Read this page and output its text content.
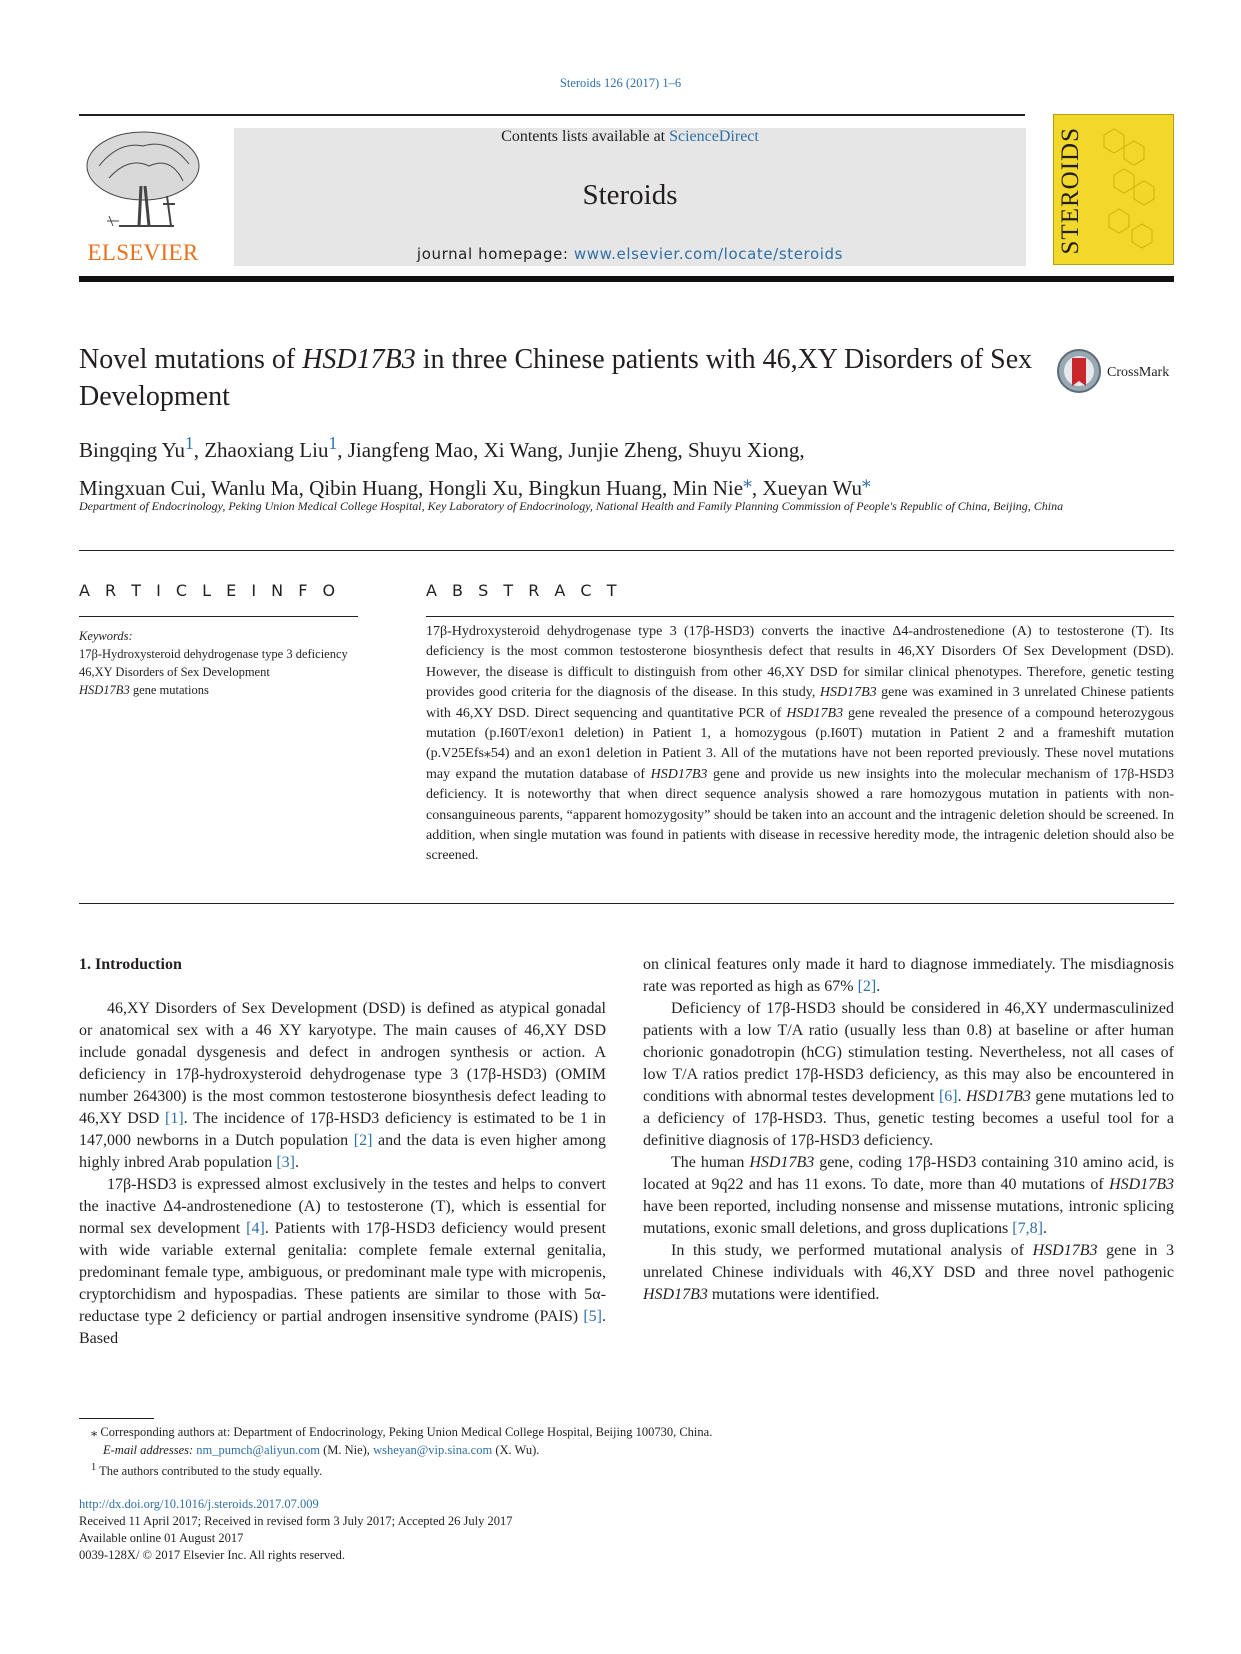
Steroids 126 (2017) 1–6
ELSEVIER
Contents lists available at ScienceDirect
Steroids
journal homepage: www.elsevier.com/locate/steroids	STEROIDS
Novel mutations of HSD17B3 in three Chinese patients with 46,XY Disorders of Sex Development
CrossMark
Bingqing Yu$^1$, Zhaoxiang Liu$^1$, Jiangfeng Mao, Xi Wang, Junjie Zheng, Shuyu Xiong,
Mingxuan Cui, Wanlu Ma, Qibin Huang, Hongli Xu, Bingkun Huang, Min Nie⁎, Xueyan Wu⁎
Department of Endocrinology, Peking Union Medical College Hospital, Key Laboratory of Endocrinology, National Health and Family Planning Commission of People's Republic of China, Beijing, China
A R T I C L E I N F O	A B S T R A C T
Keywords:
17β-Hydroxysteroid dehydrogenase type 3 deficiency
46,XY Disorders of Sex Development
HSD17B3 gene mutations
17β-Hydroxysteroid dehydrogenase type 3 (17β-HSD3) converts the inactive Δ4-androstenedione (A) to testosterone (T). Its deficiency is the most common testosterone biosynthesis defect that results in 46,XY Disorders Of Sex Development (DSD). However, the disease is difficult to distinguish from other 46,XY DSD for similar clinical phenotypes. Therefore, genetic testing provides good criteria for the diagnosis of the disease. In this study, HSD17B3 gene was examined in 3 unrelated Chinese patients with 46,XY DSD. Direct sequencing and quantitative PCR of HSD17B3 gene revealed the presence of a compound heterozygous mutation (p.I60T/exon1 deletion) in Patient 1, a homozygous (p.I60T) mutation in Patient 2 and a frameshift mutation (p.V25Efs⁎54) and an exon1 deletion in Patient 3. All of the mutations have not been reported previously. These novel mutations may expand the mutation database of HSD17B3 gene and provide us new insights into the molecular mechanism of 17β-HSD3 deficiency. It is noteworthy that when direct sequence analysis showed a rare homozygous mutation in patients with non-consanguineous parents, “apparent homozygosity” should be taken into an account and the intragenic deletion should be screened. In addition, when single mutation was found in patients with disease in recessive heredity mode, the intragenic deletion should also be screened.
1. Introduction

46,XY Disorders of Sex Development (DSD) is defined as atypical gonadal or anatomical sex with a 46 XY karyotype. The main causes of 46,XY DSD include gonadal dysgenesis and defect in androgen synthesis or action. A deficiency in 17β-hydroxysteroid dehydrogenase type 3 (17β-HSD3) (OMIM number 264300) is the most common testosterone biosynthesis defect leading to 46,XY DSD [1]. The incidence of 17β-HSD3 deficiency is estimated to be 1 in 147,000 newborns in a Dutch population [2] and the data is even higher among highly inbred Arab population [3].

17β-HSD3 is expressed almost exclusively in the testes and helps to convert the inactive Δ4-androstenedione (A) to testosterone (T), which is essential for normal sex development [4]. Patients with 17β-HSD3 deficiency would present with wide variable external genitalia: complete female external genitalia, predominant female type, ambiguous, or predominant male type with micropenis, cryptorchidism and hypospadias. These patients are similar to those with 5α-reductase type 2 deficiency or partial androgen insensitive syndrome (PAIS) [5]. Based

on clinical features only made it hard to diagnose immediately. The misdiagnosis rate was reported as high as 67% [2].

Deficiency of 17β-HSD3 should be considered in 46,XY undermasculinized patients with a low T/A ratio (usually less than 0.8) at baseline or after human chorionic gonadotropin (hCG) stimulation testing. Nevertheless, not all cases of low T/A ratios predict 17β-HSD3 deficiency, as this may also be encountered in conditions with abnormal testes development [6]. HSD17B3 gene mutations led to a deficiency of 17β-HSD3. Thus, genetic testing becomes a useful tool for a definitive diagnosis of 17β-HSD3 deficiency.

The human HSD17B3 gene, coding 17β-HSD3 containing 310 amino acid, is located at 9q22 and has 11 exons. To date, more than 40 mutations of HSD17B3 have been reported, including nonsense and missense mutations, intronic splicing mutations, exonic small deletions, and gross duplications [7,8].

In this study, we performed mutational analysis of HSD17B3 gene in 3 unrelated Chinese individuals with 46,XY DSD and three novel pathogenic HSD17B3 mutations were identified.

⁎ Corresponding authors at: Department of Endocrinology, Peking Union Medical College Hospital, Beijing 100730, China.
E-mail addresses: nm_pumch@aliyun.com (M. Nie), wsheyan@vip.sina.com (X. Wu).
$^1$ The authors contributed to the study equally.
http://dx.doi.org/10.1016/j.steroids.2017.07.009
Received 11 April 2017; Received in revised form 3 July 2017; Accepted 26 July 2017
Available online 01 August 2017
0039-128X/ © 2017 Elsevier Inc. All rights reserved.
